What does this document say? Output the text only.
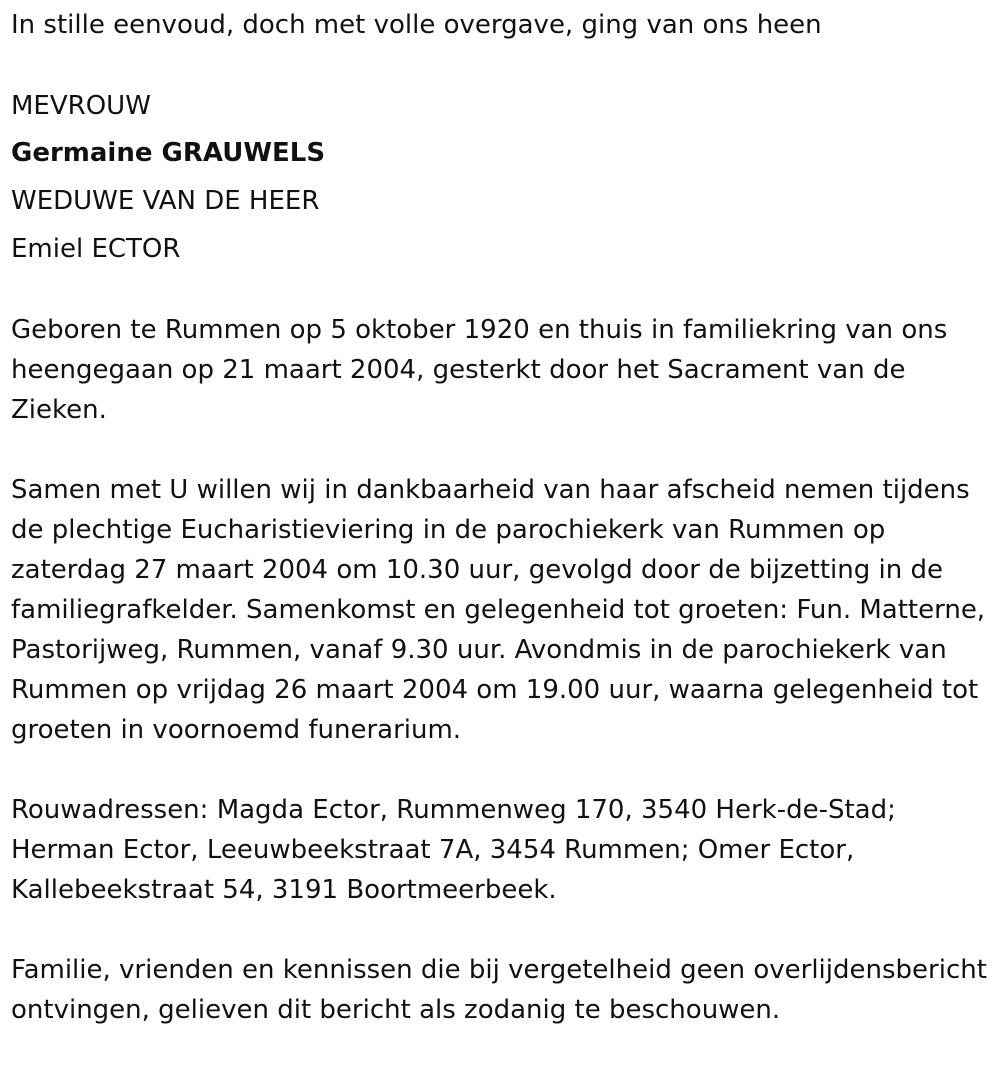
In stille eenvoud, doch met volle overgave, ging van ons heen
MEVROUW
Germaine GRAUWELS
WEDUWE VAN DE HEER
Emiel ECTOR
Geboren te Rummen op 5 oktober 1920 en thuis in familiekring van ons heengegaan op 21 maart 2004, gesterkt door het Sacrament van de Zieken.
Samen met U willen wij in dankbaarheid van haar afscheid nemen tijdens de plechtige Eucharistieviering in de parochiekerk van Rummen op zaterdag 27 maart 2004 om 10.30 uur, gevolgd door de bijzetting in de familiegrafkelder. Samenkomst en gelegenheid tot groeten: Fun. Matterne, Pastorijweg, Rummen, vanaf 9.30 uur. Avondmis in de parochiekerk van Rummen op vrijdag 26 maart 2004 om 19.00 uur, waarna gelegenheid tot groeten in voornoemd funerarium.
Rouwadressen: Magda Ector, Rummenweg 170, 3540 Herk-de-Stad; Herman Ector, Leeuwbeekstraat 7A, 3454 Rummen; Omer Ector, Kallebeekstraat 54, 3191 Boortmeerbeek.
Familie, vrienden en kennissen die bij vergetelheid geen overlijdensbericht ontvingen, gelieven dit bericht als zodanig te beschouwen.
